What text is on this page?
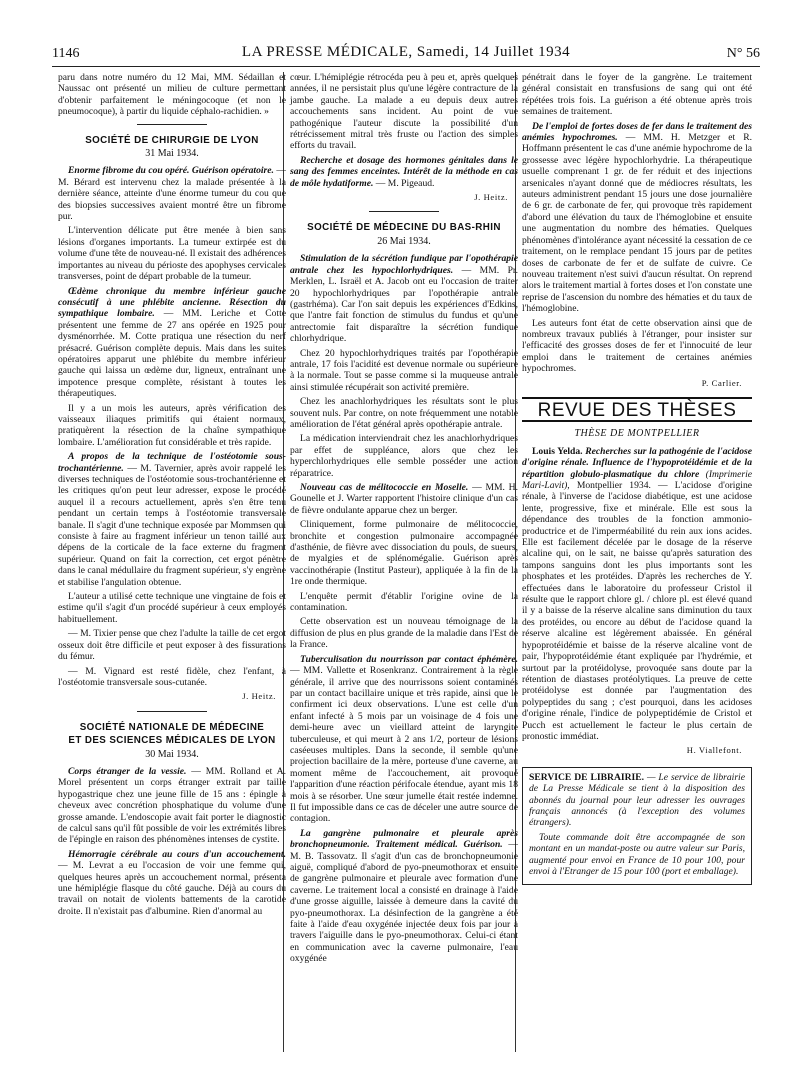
1146	LA PRESSE MÉDICALE, Samedi, 14 Juillet 1934	N° 56

paru dans notre numéro du 12 Mai, MM. Sédaillan et Naussac ont présenté un milieu de culture permettant d'obtenir parfaitement le méningocoque (et non le pneumocoque), à partir du liquide céphalo-rachidien. »

SOCIÉTÉ DE CHIRURGIE DE LYON
31 Mai 1934.

Enorme fibrome du cou opéré. Guérison opératoire. — M. Bérard est intervenu chez la malade présentée à la dernière séance, atteinte d'une énorme tumeur du cou que des biopsies successives avaient montré être un fibrome pur.

L'intervention délicate put être menée à bien sans lésions d'organes importants. La tumeur extirpée est du volume d'une tête de nouveau-né. Il existait des adhérences importantes au niveau du périoste des apophyses cervicales transverses, point de départ probable de la tumeur.

Œdème chronique du membre inférieur gauche consécutif à une phlébite ancienne. Résection du sympathique lombaire. — MM. Leriche et Cotte présentent une femme de 27 ans opérée en 1925 pour dysménorrhée. M. Cotte pratiqua une résection du nerf présacré. Guérison complète depuis. Mais dans les suites opératoires apparut une phlébite du membre inférieur gauche qui laissa un œdème dur, ligneux, entraînant une impotence presque complète, résistant à toutes les thérapeutiques.

Il y a un mois les auteurs, après vérification des vaisseaux iliaques primitifs qui étaient normaux, pratiquèrent la résection de la chaîne sympathique lombaire. L'amélioration fut considérable et très rapide.

A propos de la technique de l'ostéotomie sous-trochantérienne. — M. Tavernier, après avoir rappelé les diverses techniques de l'ostéotomie sous-trochantérienne et les critiques qu'on peut leur adresser, expose le procédé auquel il a recours actuellement, après s'en être tenu pendant un certain temps à l'ostéotomie transversale banale. Il s'agit d'une technique exposée par Mommsen qui consiste à faire au fragment inférieur un tenon taillé aux dépens de la corticale de la face externe du fragment supérieur. Quand on fait la correction, cet ergot pénètre dans le canal médullaire du fragment supérieur, s'y engrène et stabilise l'angulation obtenue.

L'auteur a utilisé cette technique une vingtaine de fois et estime qu'il s'agit d'un procédé supérieur à ceux employés habituellement.

— M. Tixier pense que chez l'adulte la taille de cet ergot osseux doit être difficile et peut exposer à des fissurations du fémur.

— M. Vignard est resté fidèle, chez l'enfant, à l'ostéotomie transversale sous-cutanée.

J. Heitz.
SOCIÉTÉ NATIONALE DE MÉDECINE
ET DES SCIENCES MÉDICALES DE LYON
30 Mai 1934.

Corps étranger de la vessie. — MM. Rolland et A. Morel présentent un corps étranger extrait par taille hypogastrique chez une jeune fille de 15 ans : épingle à cheveux avec concrétion phosphatique du volume d'une grosse amande. L'endoscopie avait fait porter le diagnostic de calcul sans qu'il fût possible de voir les extrémités libres de l'épingle en raison des phénomènes intenses de cystite.

Hémorragie cérébrale au cours d'un accouchement. — M. Levrat a eu l'occasion de voir une femme qui, quelques heures après un accouchement normal, présenta une hémiplégie flasque du côté gauche. Déjà au cours du travail on notait de violents battements de la carotide droite. Il n'existait pas d'albumine. Rien d'anormal au

cœur. L'hémiplégie rétrocéda peu à peu et, après quelques années, il ne persistait plus qu'une légère contracture de la jambe gauche. La malade a eu depuis deux autres accouchements sans incident. Au point de vue pathogénique l'auteur discute la possibilité d'un rétrécissement mitral très fruste ou l'action des simples efforts du travail.

Recherche et dosage des hormones génitales dans le sang des femmes enceintes. Intérêt de la méthode en cas de môle hydatiforme. — M. Pigeaud.

J. Heitz.
SOCIÉTÉ DE MÉDECINE DU BAS-RHIN
26 Mai 1934.

Stimulation de la sécrétion fundique par l'opothérapie antrale chez les hypochlorhydriques. — MM. Pr. Merklen, L. Israël et A. Jacob ont eu l'occasion de traiter 20 hypochlorhydriques par l'opothérapie antrale (gastrhéma). Car l'on sait depuis les expériences d'Edkins, que l'antre fait fonction de stimulus du fundus et qu'une antrectomie fait disparaître la sécrétion fundique chlorhydrique.

Chez 20 hypochlorhydriques traités par l'opothérapie antrale, 17 fois l'acidité est devenue normale ou supérieure à la normale. Tout se passe comme si la muqueuse antrale ainsi stimulée récupérait son activité première.

Chez les anachlorhydriques les résultats sont le plus souvent nuls. Par contre, on note fréquemment une notable amélioration de l'état général après opothérapie antrale.

La médication interviendrait chez les anachlorhydriques par effet de suppléance, alors que chez les hyperchlorhydriques elle semble posséder une action réparatrice.

Nouveau cas de mélitococcie en Moselle. — MM. H. Gounelle et J. Warter rapportent l'histoire clinique d'un cas de fièvre ondulante apparue chez un berger.

Cliniquement, forme pulmonaire de mélitococcie, bronchite et congestion pulmonaire accompagnée d'asthénie, de fièvre avec dissociation du pouls, de sueurs, de myalgies et de splénomégalie. Guérison après vaccinothérapie (Institut Pasteur), appliquée à la fin de la 1re onde thermique.

L'enquête permit d'établir l'origine ovine de la contamination.

Cette observation est un nouveau témoignage de la diffusion de plus en plus grande de la maladie dans l'Est de la France.

Tuberculisation du nourrisson par contact éphémère. — MM. Vallette et Rosenkranz. Contrairement à la règle générale, il arrive que des nourrissons soient contaminés par un contact bacillaire unique et très rapide, ainsi que le confirment ici deux observations. L'une est celle d'un enfant infecté à 5 mois par un voisinage de 4 fois une demi-heure avec un vieillard atteint de laryngite tuberculeuse, et qui meurt à 2 ans 1/2, porteur de lésions caséeuses multiples. Dans la seconde, il semble qu'une projection bacillaire de la mère, porteuse d'une caverne, au moment même de l'accouchement, ait provoqué l'apparition d'une réaction périfocale étendue, ayant mis 18 mois à se résorber. Une sœur jumelle était restée indemne. Il fut impossible dans ce cas de déceler une autre source de contagion.

La gangrène pulmonaire et pleurale après bronchopneumonie. Traitement médical. Guérison. — M. B. Tassovatz. Il s'agit d'un cas de bronchopneumonie aiguë, compliqué d'abord de pyo-pneumothorax et ensuite de gangrène pulmonaire et pleurale avec formation d'une caverne. Le traitement local a consisté en drainage à l'aide d'une grosse aiguille, laissée à demeure dans la cavité du pyo-pneumothorax. La désinfection de la gangrène a été faite à l'aide d'eau oxygénée injectée deux fois par jour à travers l'aiguille dans le pyo-pneumothorax. Celui-ci étant en communication avec la caverne pulmonaire, l'eau oxygénée

pénétrait dans le foyer de la gangrène. Le traitement général consistait en transfusions de sang qui ont été répétées trois fois. La guérison a été obtenue après trois semaines de traitement.

De l'emploi de fortes doses de fer dans le traitement des anémies hypochromes. — MM. H. Metzger et R. Hoffmann présentent le cas d'une anémie hypochrome de la grossesse avec légère hypochlorhydrie. La thérapeutique usuelle comprenant 1 gr. de fer réduit et des injections arsenicales n'ayant donné que de médiocres résultats, les auteurs administrent pendant 15 jours une dose journalière de 6 gr. de carbonate de fer, qui provoque très rapidement d'abord une élévation du taux de l'hémoglobine et ensuite une augmentation du nombre des hématies. Quelques phénomènes d'intolérance ayant nécessité la cessation de ce traitement, on le remplace pendant 15 jours par de petites doses de carbonate de fer et de sulfate de cuivre. Ce nouveau traitement n'est suivi d'aucun résultat. On reprend alors le traitement martial à fortes doses et l'on constate une reprise de l'ascension du nombre des hématies et du taux de l'hémoglobine.

Les auteurs font état de cette observation ainsi que de nombreux travaux publiés à l'étranger, pour insister sur l'efficacité des grosses doses de fer et l'innocuité de leur emploi dans le traitement de certaines anémies hypochromes.

P. Carlier.
REVUE DES THÈSES
THÈSE DE MONTPELLIER

Louis Yelda. Recherches sur la pathogénie de l'acidose d'origine rénale. Influence de l'hypoprotéidémie et de la répartition globulo-plasmatique du chlore (Imprimerie Mari-Lavit), Montpellier 1934. — L'acidose d'origine rénale, à l'inverse de l'acidose diabétique, est une acidose lente, progressive, fixe et minérale. Elle est sous la dépendance des troubles de la fonction ammonio-productrice et de l'imperméabilité du rein aux ions acides. Elle est facilement décelée par le dosage de la réserve alcaline qui, on le sait, ne baisse qu'après saturation des tampons sanguins dont les plus importants sont les phosphates et les protéides. D'après les recherches de Y. effectuées dans le laboratoire du professeur Cristol il résulte que le rapport chlore gl. / chlore pl. est élevé quand il y a baisse de la réserve alcaline sans diminution du taux des protéides, ou encore au début de l'acidose quand la réserve alcaline est légèrement abaissée. En général hypoprotéidémie et baisse de la réserve alcaline vont de pair, l'hypoprotéidémie étant expliquée par l'hydrémie, et surtout par la protéidolyse, provoquée sans doute par la rétention de diastases protéolytiques. La preuve de cette protéidolyse est donnée par l'augmentation des polypeptides du sang ; c'est pourquoi, dans les acidoses d'origine rénale, l'indice de polypeptidémie de Cristol et Pucch est actuellement le facteur le plus certain de pronostic immédiat.

H. Viallefont.

SERVICE DE LIBRAIRIE. — Le service de librairie de La Presse Médicale se tient à la disposition des abonnés du journal pour leur adresser les ouvrages français annoncés (à l'exception des volumes étrangers).

Toute commande doit être accompagnée de son montant en un mandat-poste ou autre valeur sur Paris, augmenté pour envoi en France de 10 pour 100, pour envoi à l'Etranger de 15 pour 100 (port et emballage).
